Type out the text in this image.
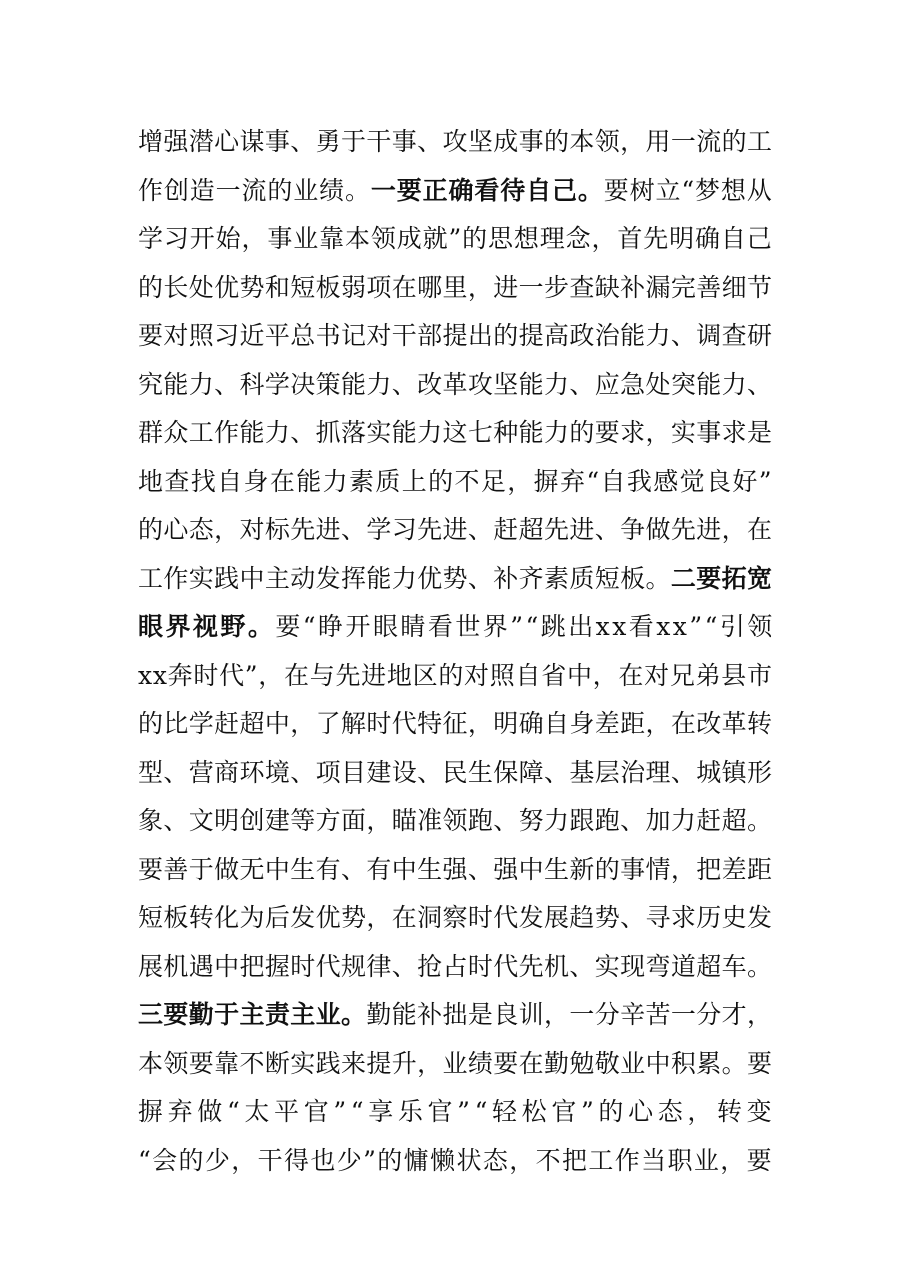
增强潜心谋事、勇于干事、攻坚成事的本领，用一流的工
作创造一流的业绩。一要正确看待自己。要树立“梦想从
学习开始，事业靠本领成就”的思想理念，首先明确自己
的长处优势和短板弱项在哪里，进一步查缺补漏完善细节
要对照习近平总书记对干部提出的提高政治能力、调查研
究能力、科学决策能力、改革攻坚能力、应急处突能力、
群众工作能力、抓落实能力这七种能力的要求，实事求是
地查找自身在能力素质上的不足，摒弃“自我感觉良好”
的心态，对标先进、学习先进、赶超先进、争做先进，在
工作实践中主动发挥能力优势、补齐素质短板。二要拓宽
眼界视野。要“睁开眼睛看世界”“跳出xx看xx”“引领
xx奔时代”，在与先进地区的对照自省中，在对兄弟县市
的比学赶超中，了解时代特征，明确自身差距，在改革转
型、营商环境、项目建设、民生保障、基层治理、城镇形
象、文明创建等方面，瞄准领跑、努力跟跑、加力赶超。
要善于做无中生有、有中生强、强中生新的事情，把差距
短板转化为后发优势，在洞察时代发展趋势、寻求历史发
展机遇中把握时代规律、抢占时代先机、实现弯道超车。
三要勤于主责主业。勤能补拙是良训，一分辛苦一分才，
本领要靠不断实践来提升，业绩要在勤勉敬业中积累。要
摒弃做“太平官”“享乐官”“轻松官”的心态，转变
“会的少，干得也少”的慵懒状态，不把工作当职业，要
